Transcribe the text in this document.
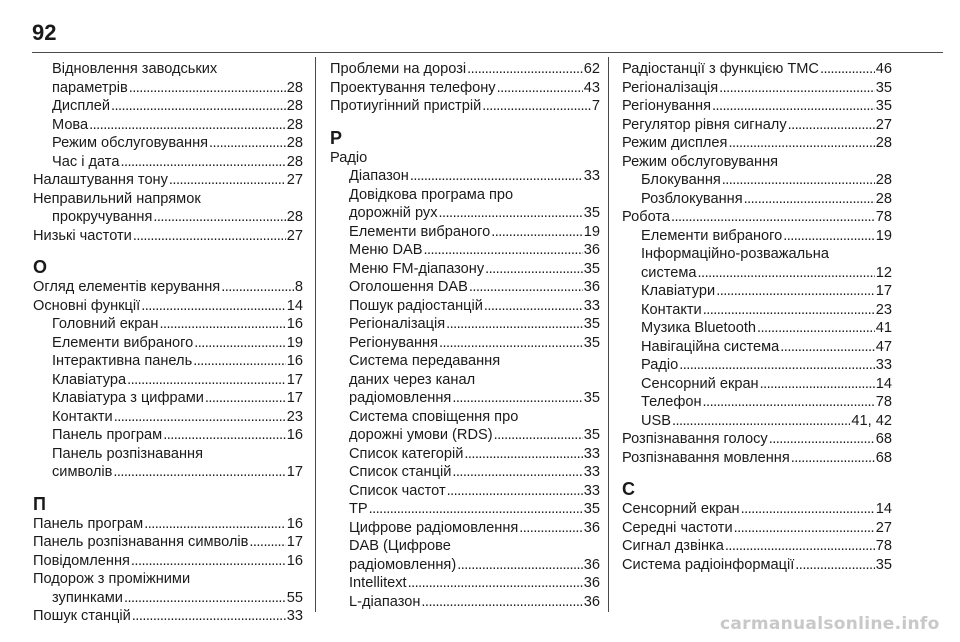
92
Відновлення заводських
параметрів . . .	28
Дисплей . . .	28
Мова . . .	28
Режим обслуговування . . .	28
Час і дата . . .	28
Налаштування тону . . .	27
Неправильний напрямок
прокручування . . .	28
Низькі частоти . . .	27
О
Огляд елементів керування . . .	8
Основні функції . . .	14
Головний екран . . .	16
Елементи вибраного . . .	19
Інтерактивна панель . . .	16
Клавіатура . . .	17
Клавіатура з цифрами . . .	17
Контакти . . .	23
Панель програм . . .	16
Панель розпізнавання
символів . . .	17
П
Панель програм . . .	16
Панель розпізнавання символів . . .	17
Повідомлення . . .	16
Подорож з проміжними
зупинками . . .	55
Пошук станцій . . .	33
Проблеми на дорозі . . .	62
Проектування телефону . . .	43
Протиугінний пристрій . . .	7
Р
Радіо
Діапазон . . .	33
Довідкова програма про
дорожній рух . . .	35
Елементи вибраного . . .	19
Меню DAB . . .	36
Меню FM-діапазону . . .	35
Оголошення DAB . . .	36
Пошук радіостанцій . . .	33
Регіоналізація . . .	35
Регіонування . . .	35
Система передавання
даних через канал
радіомовлення . . .	35
Система сповіщення про
дорожні умови (RDS) . . .	35
Список категорій . . .	33
Список станцій . . .	33
Список частот . . .	33
TP . . .	35
Цифрове радіомовлення . . .	36
DAB (Цифрове
радіомовлення) . . .	36
Intellitext . . .	36
L-діапазон . . .	36
Радіостанції з функцією TMC . . .	46
Регіоналізація . . .	35
Регіонування . . .	35
Регулятор рівня сигналу . . .	27
Режим дисплея . . .	28
Режим обслуговування
Блокування . . .	28
Розблокування . . .	28
Робота . . .	78
Елементи вибраного . . .	19
Інформаційно-розважальна
система . . .	12
Клавіатури . . .	17
Контакти . . .	23
Музика Bluetooth . . .	41
Навігаційна система . . .	47
Радіо . . .	33
Сенсорний екран . . .	14
Телефон . . .	78
USB . . .	41, 42
Розпізнавання голосу . . .	68
Розпізнавання мовлення . . .	68
С
Сенсорний екран . . .	14
Середні частоти . . .	27
Сигнал дзвінка . . .	78
Система радіоінформації . . .	35
carmanualsonline.info
